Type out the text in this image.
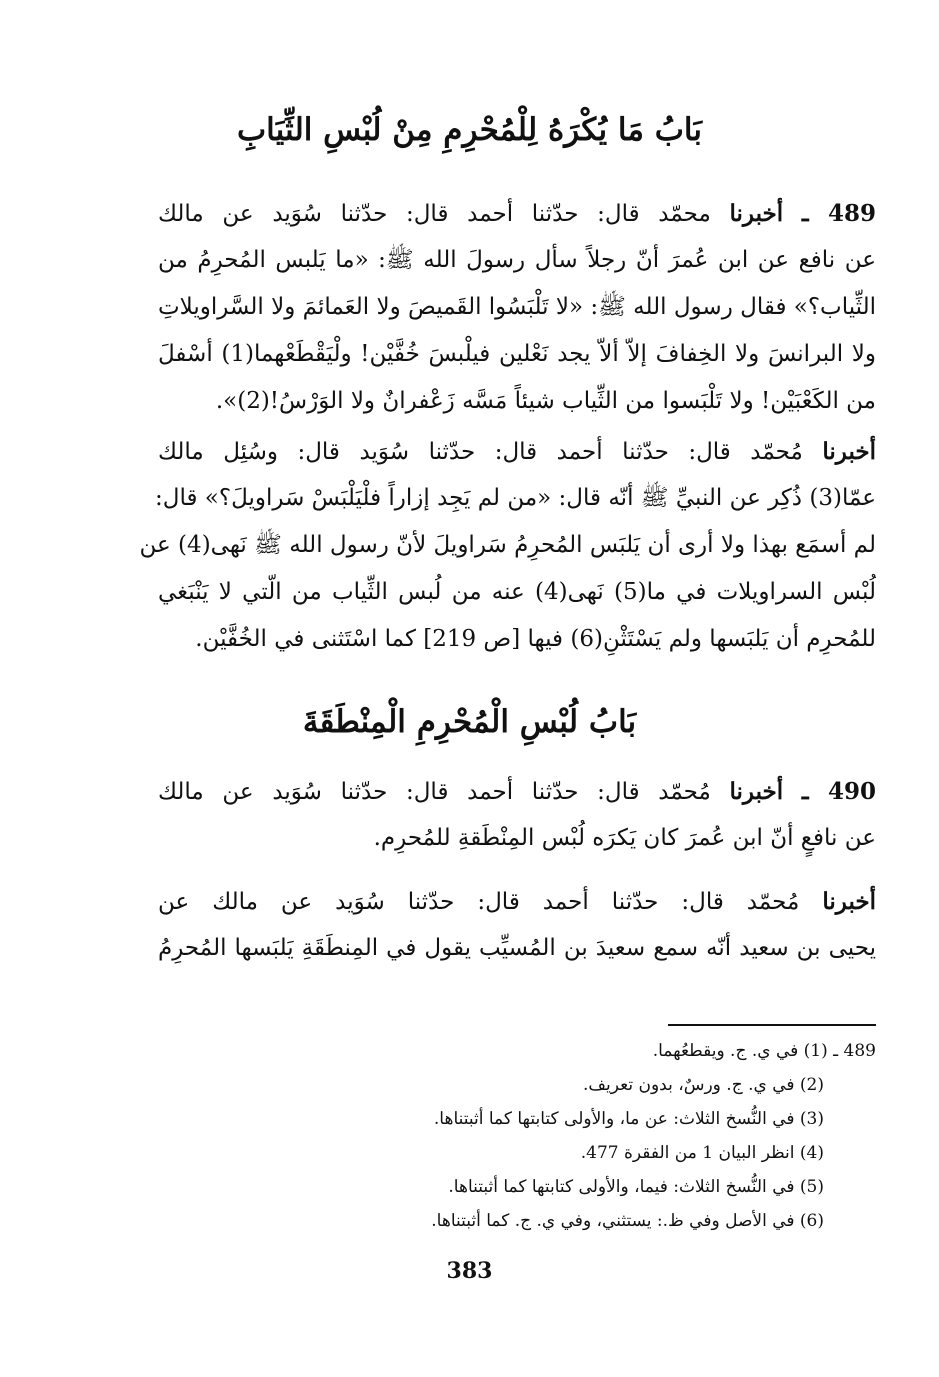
بَابُ مَا يُكْرَهُ لِلْمُحْرِمِ مِنْ لُبْسِ الثِّيَابِ
489 ـ أخبرنا محمّد قال: حدّثنا أحمد قال: حدّثنا سُوَيد عن مالك
عن نافع عن ابن عُمرَ أنّ رجلاً سأل رسولَ الله ﷺ: «ما يَلبس المُحرِمُ من
الثِّياب؟» فقال رسول الله ﷺ: «لا تَلْبَسُوا القَميصَ ولا العَمائمَ ولا السَّراويلاتِ
ولا البرانسَ ولا الخِفافَ إلاّ ألاّ يجد نَعْلين فيلْبسَ خُفَّيْن! ولْيَقْطَعْهما(1) أسْفلَ
من الكَعْبَيْن! ولا تَلْبَسوا من الثِّياب شيئاً مَسَّه زَعْفرانٌ ولا الوَرْسُ!(2)».
أخبرنا مُحمّد قال: حدّثنا أحمد قال: حدّثنا سُوَيد قال: وسُئِل مالك
عمّا(3) ذُكِر عن النبيِّ ﷺ أنّه قال: «من لم يَجِد إزاراً فلْيَلْبَسْ سَراويلَ؟» قال:
لم أسمَع بهذا ولا أرى أن يَلبَس المُحرِمُ سَراويلَ لأنّ رسول الله ﷺ نَهى(4) عن
لُبْس السراويلات في ما(5) نَهى(4) عنه من لُبس الثِّياب من الّتي لا يَنْبَغي
للمُحرِم أن يَلبَسها ولم يَسْتَثْنِ(6) فيها [ص 219] كما اسْتَثنى في الخُفَّيْن.
بَابُ لُبْسِ الْمُحْرِمِ الْمِنْطَقَةَ
490 ـ أخبرنا مُحمّد قال: حدّثنا أحمد قال: حدّثنا سُوَيد عن مالك
عن نافعٍ أنّ ابن عُمرَ كان يَكرَه لُبْس المِنْطَقةِ للمُحرِم.
أخبرنا مُحمّد قال: حدّثنا أحمد قال: حدّثنا سُوَيد عن مالك عن
يحيى بن سعيد أنّه سمع سعيدَ بن المُسيِّب يقول في المِنطَقَةِ يَلبَسها المُحرِمُ
489 ـ (1) في ي. ج. ويقطعُهما.
(2) في ي. ج. ورسٌ، بدون تعريف.
(3) في النُّسخ الثلاث: عن ما، والأولى كتابتها كما أثبتناها.
(4) انظر البيان 1 من الفقرة 477.
(5) في النُّسخ الثلاث: فيما، والأولى كتابتها كما أثبتناها.
(6) في الأصل وفي ظ.: يستثني، وفي ي. ج. كما أثبتناها.
383
